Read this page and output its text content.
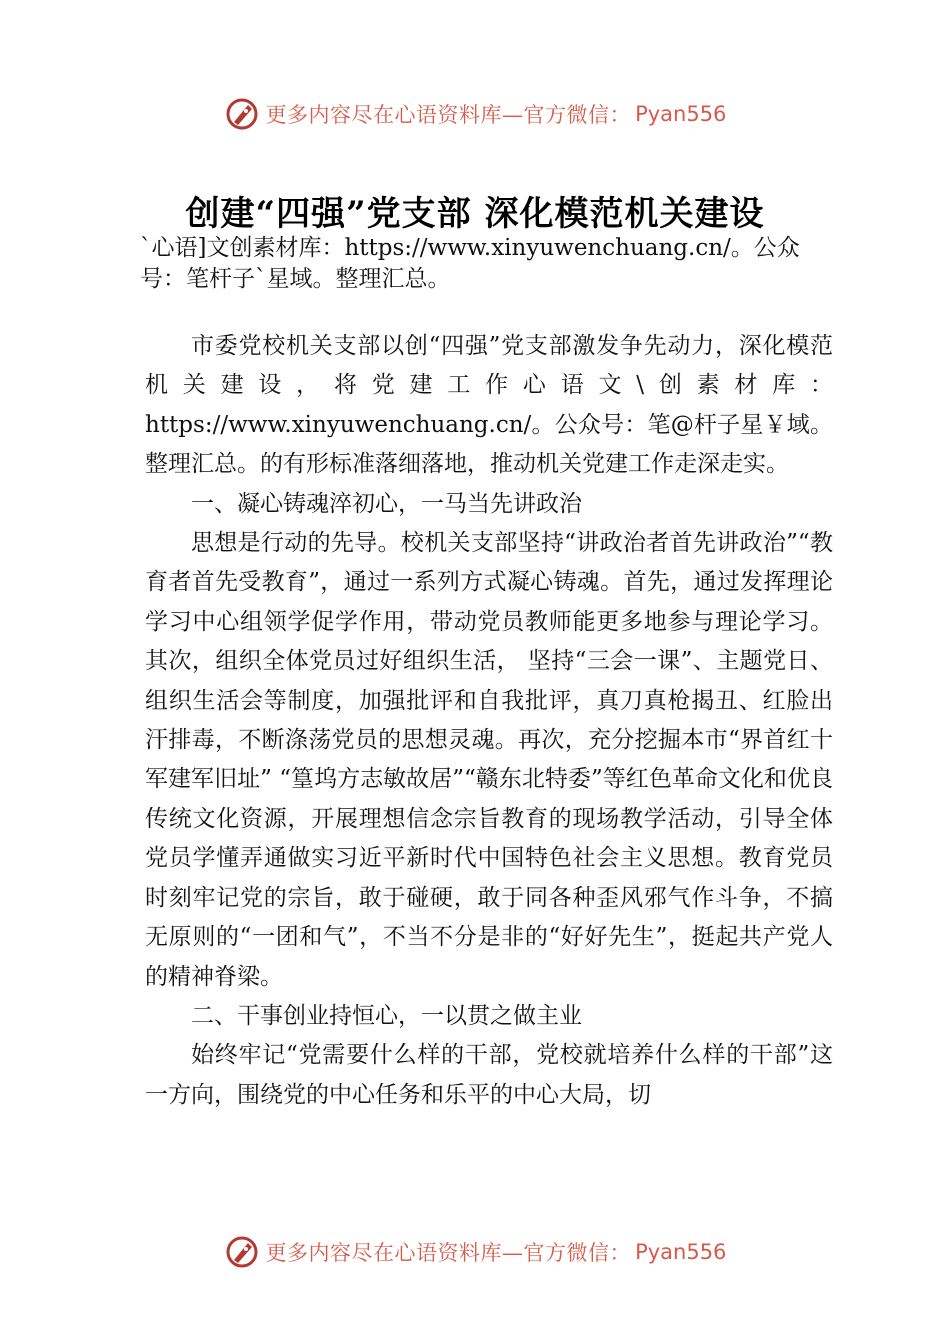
更多内容尽在心语资料库—官方微信： Pyan556
创建“四强”党支部 深化模范机关建设

`心语]文创素材库：https://www.xinyuwenchuang.cn/。公众号：笔杆子`星域。整理汇总。

市委党校机关支部以创“四强”党支部激发争先动力，深化模范机关建设，将党建工作心语文\创素材库：https://www.xinyuwenchuang.cn/。公众号：笔@杆子星￥域。整理汇总。的有形标准落细落地，推动机关党建工作走深走实。

一、凝心铸魂淬初心，一马当先讲政治

思想是行动的先导。校机关支部坚持“讲政治者首先讲政治”“教育者首先受教育”，通过一系列方式凝心铸魂。首先，通过发挥理论学习中心组领学促学作用，带动党员教师能更多地参与理论学习。其次，组织全体党员过好组织生活， 坚持“三会一课”、主题党日、组织生活会等制度，加强批评和自我批评，真刀真枪揭丑、红脸出汗排毒，不断涤荡党员的思想灵魂。再次，充分挖掘本市“界首红十军建军旧址” “篁坞方志敏故居”“赣东北特委”等红色革命文化和优良传统文化资源，开展理想信念宗旨教育的现场教学活动，引导全体党员学懂弄通做实习近平新时代中国特色社会主义思想。教育党员时刻牢记党的宗旨，敢于碰硬，敢于同各种歪风邪气作斗争，不搞无原则的“一团和气”，不当不分是非的“好好先生”，挺起共产党人的精神脊梁。

二、干事创业持恒心，一以贯之做主业

始终牢记“党需要什么样的干部，党校就培养什么样的干部”这一方向，围绕党的中心任务和乐平的中心大局，切

更多内容尽在心语资料库—官方微信： Pyan556
